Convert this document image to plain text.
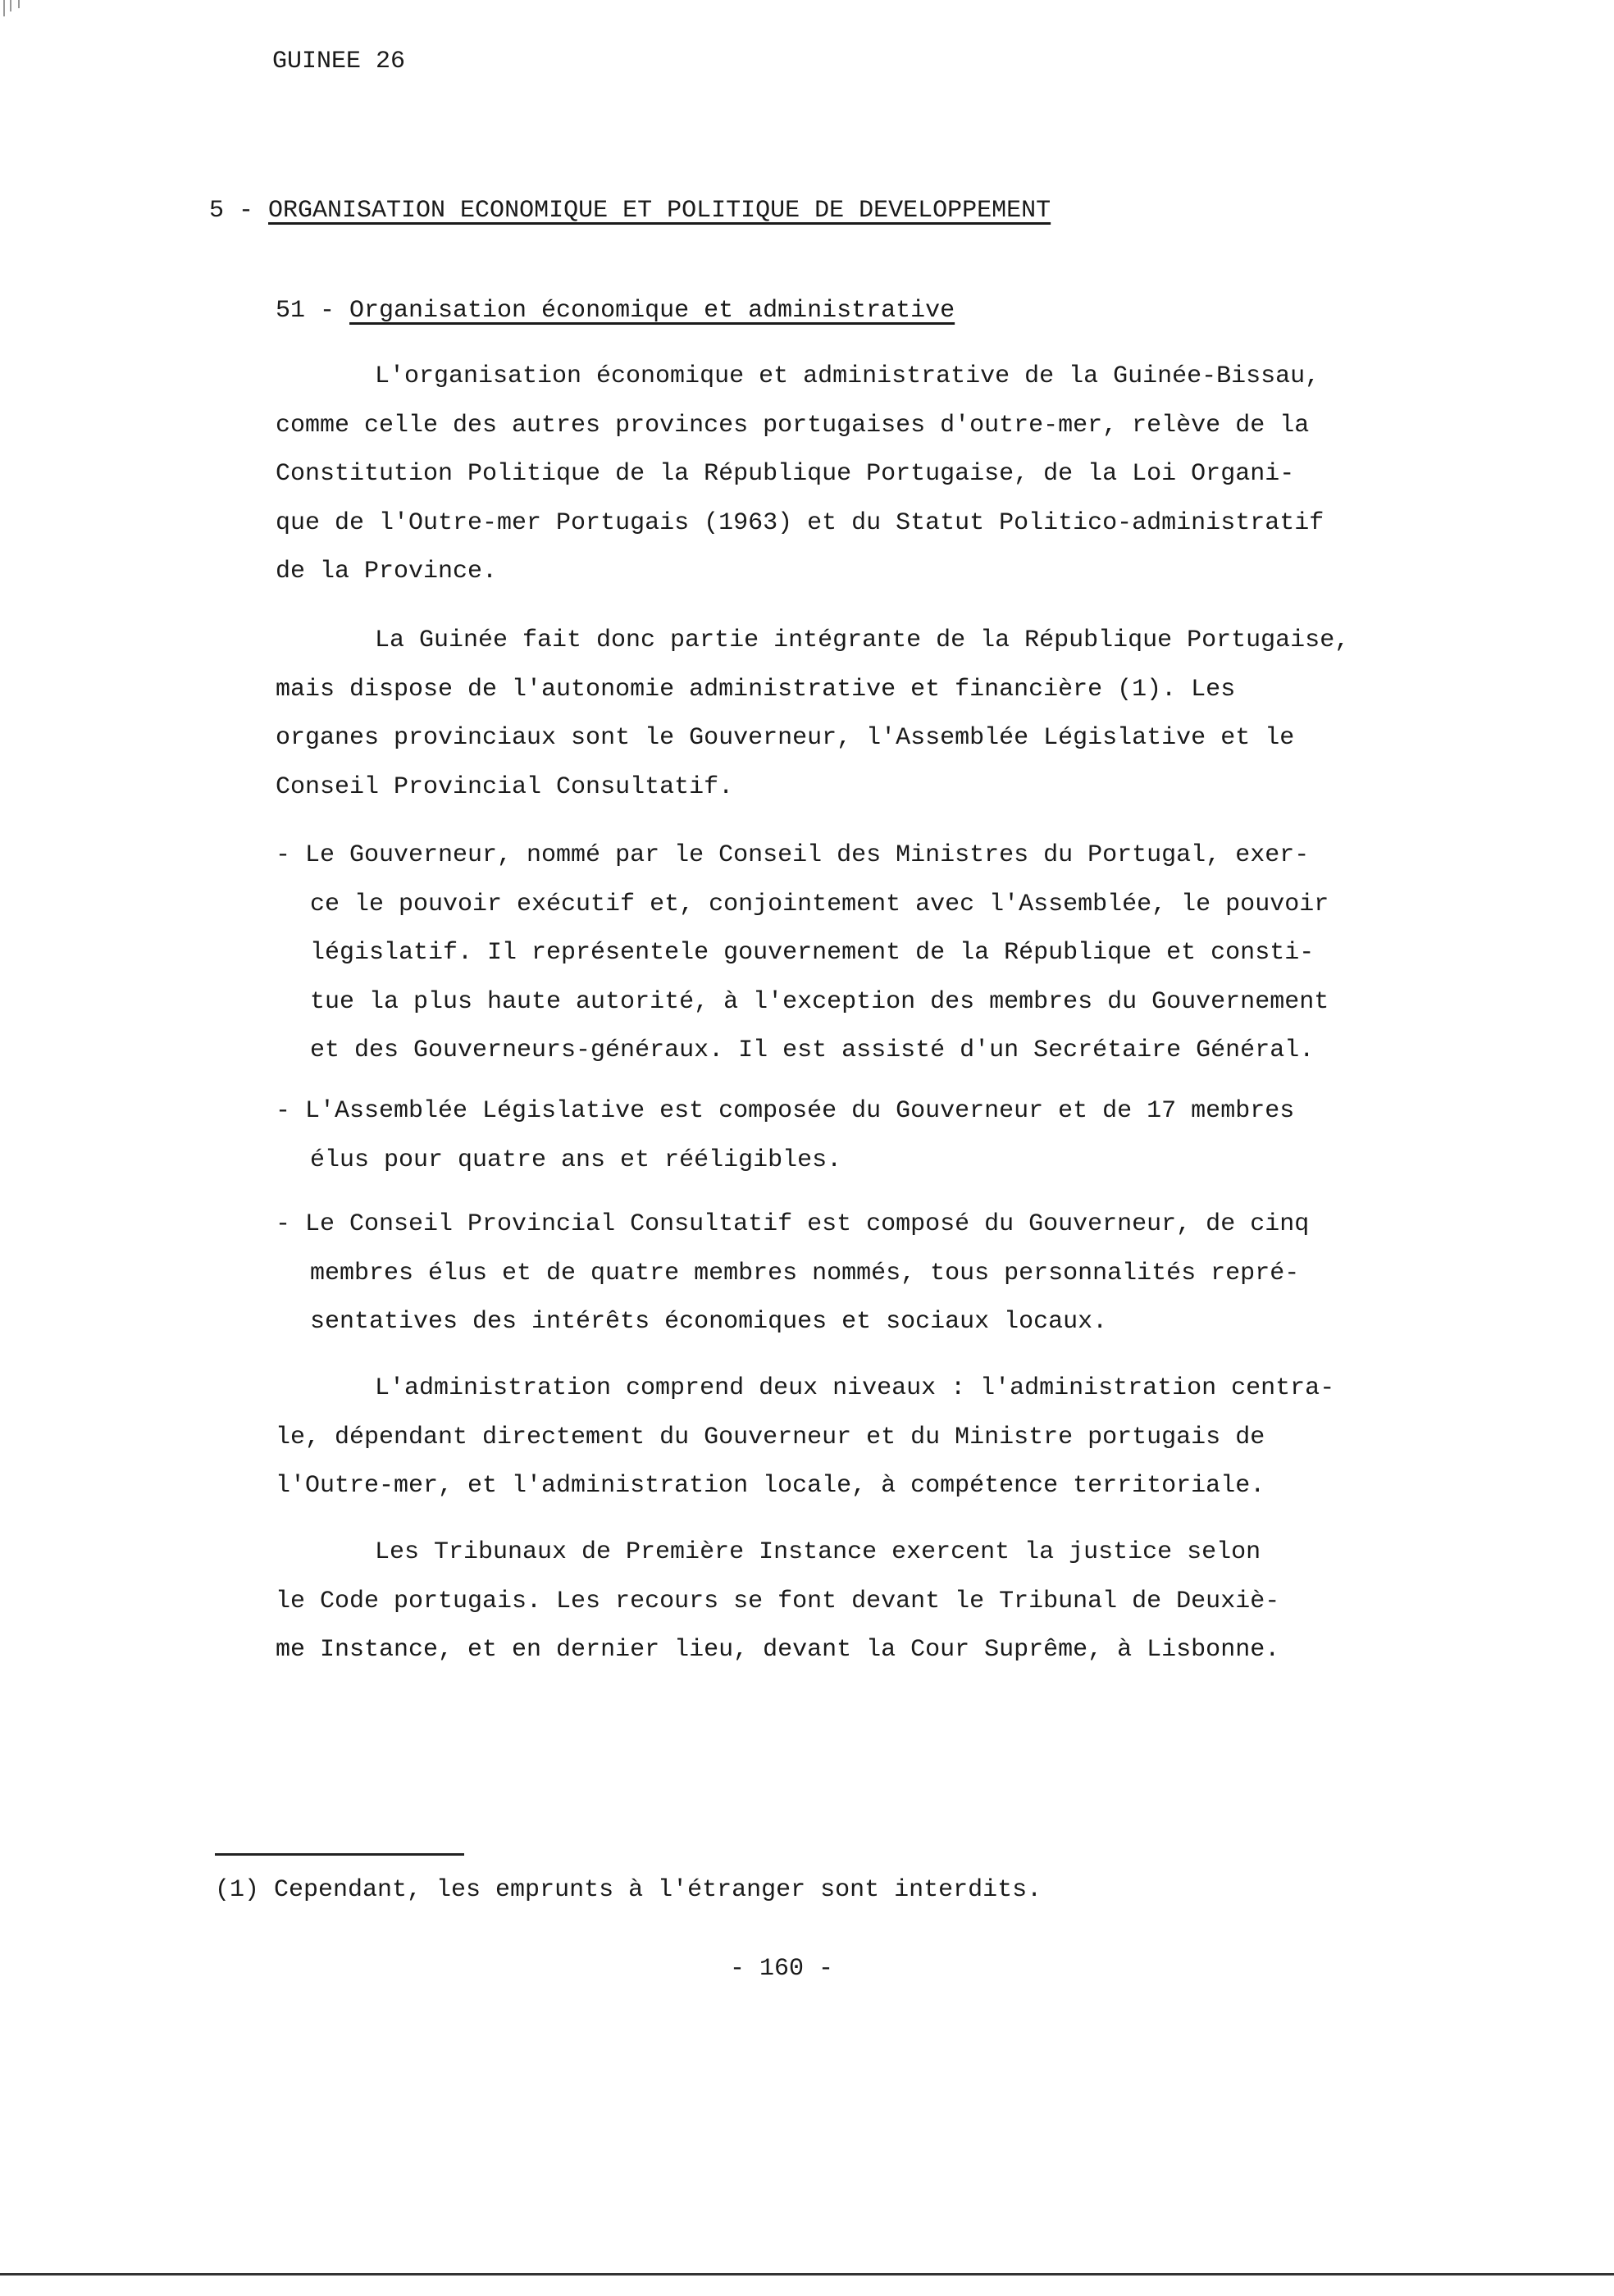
GUINEE 26
5 - ORGANISATION ECONOMIQUE ET POLITIQUE DE DEVELOPPEMENT
51 - Organisation économique et administrative

L'organisation économique et administrative de la Guinée-Bissau,
comme celle des autres provinces portugaises d'outre-mer, relève de la
Constitution Politique de la République Portugaise, de la Loi Organi-
que de l'Outre-mer Portugais (1963) et du Statut Politico-administratif
de la Province.

La Guinée fait donc partie intégrante de la République Portugaise,
mais dispose de l'autonomie administrative et financière (1). Les
organes provinciaux sont le Gouverneur, l'Assemblée Législative et le
Conseil Provincial Consultatif.

- Le Gouverneur, nommé par le Conseil des Ministres du Portugal, exer-
ce le pouvoir exécutif et, conjointement avec l'Assemblée, le pouvoir
législatif. Il représentele gouvernement de la République et consti-
tue la plus haute autorité, à l'exception des membres du Gouvernement
et des Gouverneurs-généraux. Il est assisté d'un Secrétaire Général.

- L'Assemblée Législative est composée du Gouverneur et de 17 membres
élus pour quatre ans et rééligibles.

- Le Conseil Provincial Consultatif est composé du Gouverneur, de cinq
membres élus et de quatre membres nommés, tous personnalités repré-
sentatives des intérêts économiques et sociaux locaux.

L'administration comprend deux niveaux : l'administration centra-
le, dépendant directement du Gouverneur et du Ministre portugais de
l'Outre-mer, et l'administration locale, à compétence territoriale.

Les Tribunaux de Première Instance exercent la justice selon
le Code portugais. Les recours se font devant le Tribunal de Deuxiè-
me Instance, et en dernier lieu, devant la Cour Suprême, à Lisbonne.

(1) Cependant, les emprunts à l'étranger sont interdits.
- 160 -
